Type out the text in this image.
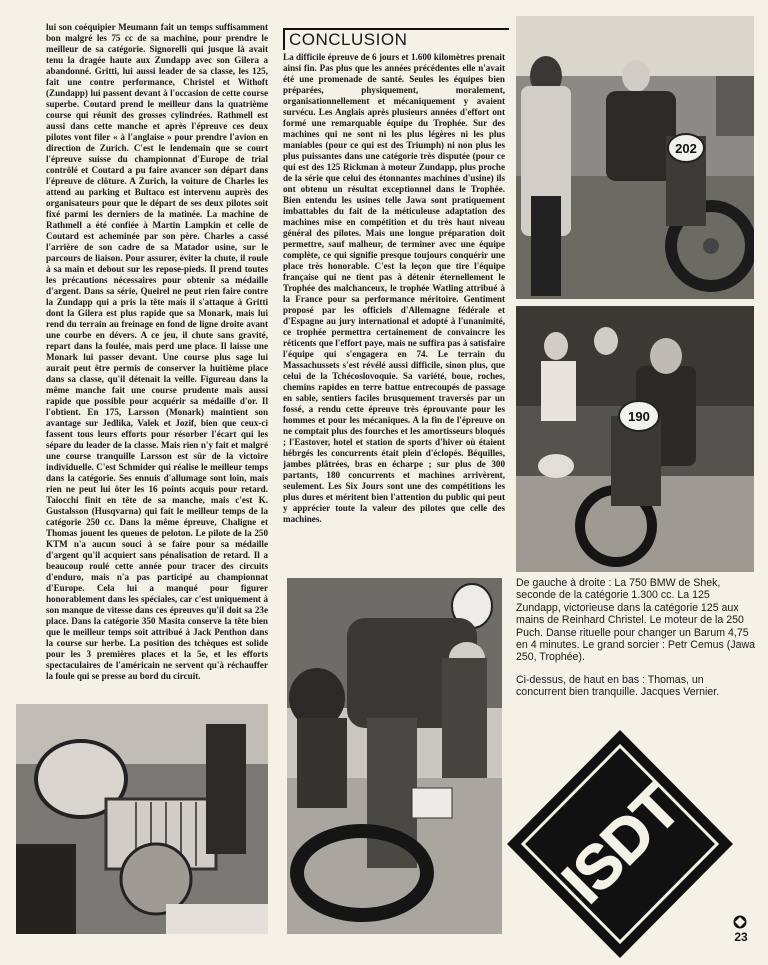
lui son coéquipier Meumann fait un temps suffisamment bon malgré les 75 cc de sa machine, pour prendre le meilleur de sa catégorie. Signorelli qui jusque là avait tenu la dragée haute aux Zundapp avec son Gilera a abandonné. Gritti, lui aussi leader de sa classe, les 125, fait une contre performance, Christel et Withoft (Zundapp) lui passent devant à l'occasion de cette course superbe. Coutard prend le meilleur dans la quatrième course qui réunit des grosses cylindrées. Rathmell est aussi dans cette manche et après l'épreuve ces deux pilotes vont filer « à l'anglaise » pour prendre l'avion en direction de Zurich. C'est le lendemain que se court l'épreuve suisse du championnat d'Europe de trial contrôlé et Coutard a pu faire avancer son départ dans l'épreuve de clôture. A Zurich, la voiture de Charles les attend au parking et Bultaco est intervenu auprès des organisateurs pour que le départ de ses deux pilotes soit fixé parmi les derniers de la matinée. La machine de Rathmell a été confiée à Martin Lampkin et celle de Coutard est acheminée par son père. Charles a cassé l'arrière de son cadre de sa Matador usine, sur le parcours de liaison. Pour assurer, éviter la chute, il roule à sa main et debout sur les repose-pieds. Il prend toutes les précautions nécessaires pour obtenir sa médaille d'argent. Dans sa série, Queirel ne peut rien faire contre la Zundapp qui a pris la tête mais il s'attaque à Gritti dont la Gilera est plus rapide que sa Monark, mais lui rend du terrain au freinage en fond de ligne droite avant une courbe en dévers. A ce jeu, il chute sans gravité, repart dans la foulée, mais perd une place. Il laisse une Monark lui passer devant. Une course plus sage lui aurait peut être permis de conserver la huitième place dans sa classe, qu'il détenait la veille. Figureau dans la même manche fait une course prudente mais aussi rapide que possible pour acquérir sa médaille d'or. Il l'obtient. En 175, Larsson (Monark) maintient son avantage sur Jedlika, Valek et Jozif, bien que ceux-ci fassent tous leurs efforts pour résorber l'écart qui les sépare du leader de la classe. Mais rien n'y fait et malgré une course tranquille Larsson est sûr de la victoire individuelle. C'est Schmider qui réalise le meilleur temps dans la catégorie. Ses ennuis d'allumage sont loin, mais rien ne peut lui ôter les 16 points acquis pour retard. Taiocchi finit en tête de sa manche, mais c'est K. Gustalsson (Husqvarna) qui fait le meilleur temps de la catégorie 250 cc. Dans la même épreuve, Chaligne et Thomas jouent les queues de peloton. Le pilote de la 250 KTM n'a aucun souci à se faire pour sa médaille d'argent qu'il acquiert sans pénalisation de retard. Il a beaucoup roulé cette année pour tracer des circuits d'enduro, mais n'a pas participé au championnat d'Europe. Cela lui a manqué pour figurer honorablement dans les spéciales, car c'est uniquement à son manque de vitesse dans ces épreuves qu'il doit sa 23e place. Dans la catégorie 350 Masita conserve la tête bien que le meilleur temps soit attribué à Jack Penthon dans la course sur herbe. La position des tchèques est solide pour les 3 premières places et la 5e, et les efforts spectaculaires de l'américain ne servent qu'à réchauffer la foule qui se presse au bord du circuit.

CONCLUSION

La difficile épreuve de 6 jours et 1.600 kilomètres prenait ainsi fin. Pas plus que les années précédentes elle n'avait été une promenade de santé. Seules les équipes bien préparées, physiquement, moralement, organisationnellement et mécaniquement y avaient survécu. Les Anglais après plusieurs années d'effort ont formé une remarquable équipe du Trophée. Sur des machines qui ne sont ni les plus légères ni les plus maniables (pour ce qui est des Triumph) ni non plus les plus puissantes dans une catégorie très disputée (pour ce qui est des 125 Rickman à moteur Zundapp, plus proche de la série que celui des étonnantes machines d'usine) ils ont obtenu un résultat exceptionnel dans le Trophée. Bien entendu les usines telle Jawa sont pratiquement imbattables du fait de la méticuleuse adaptation des machines mise en compétition et du très haut niveau général des pilotes. Mais une longue préparation doit permettre, sauf malheur, de terminer avec une équipe complète, ce qui signifie presque toujours conquérir une place très honorable. C'est la leçon que tire l'équipe française qui ne tient pas à détenir éternellement le Trophée des malchanceux, le trophée Watling attribué à la France pour sa performance méritoire. Gentiment proposé par les officiels d'Allemagne fédérale et d'Espagne au jury international et adopté à l'unanimité, ce trophée permettra certainement de convaincre les réticents que l'effort paye, mais ne suffira pas à satisfaire l'équipe qui s'engagera en 74. Le terrain du Massachussets s'est révélé aussi difficile, sinon plus, que celui de la Tchécoslovoquie. Sa variété, boue, roches, chemins rapides en terre battue entrecoupés de passage en sable, sentiers faciles brusquement traversés par un fossé, a rendu cette épreuve très éprouvante pour les hommes et pour les mécaniques. A la fin de l'épreuve on ne comptait plus des fourches et les amortisseurs bloqués ; l'Eastover, hotel et station de sports d'hiver où étaient hébrgés les concurrents était plein d'éclopés. Béquilles, jambes plâtrées, bras en écharpe ; sur plus de 300 partants, 180 concurrents et machines arrivèrent, seulement. Les Six Jours sont une des compétitions les plus dures et méritent bien l'attention du public qui peut y apprécier toute la valeur des pilotes que celle des machines.

202
190

De gauche à droite : La 750 BMW de Shek, seconde de la catégorie 1.300 cc. La 125 Zundapp, victorieuse dans la catégorie 125 aux mains de Reinhard Christel. Le moteur de la 250 Puch. Danse rituelle pour changer un Barum 4,75 en 4 minutes. Le grand sorcier : Petr Cemus (Jawa 250, Trophée).

Ci-dessus, de haut en bas : Thomas, un concurrent bien tranquille. Jacques Vernier.

ISDT
23
